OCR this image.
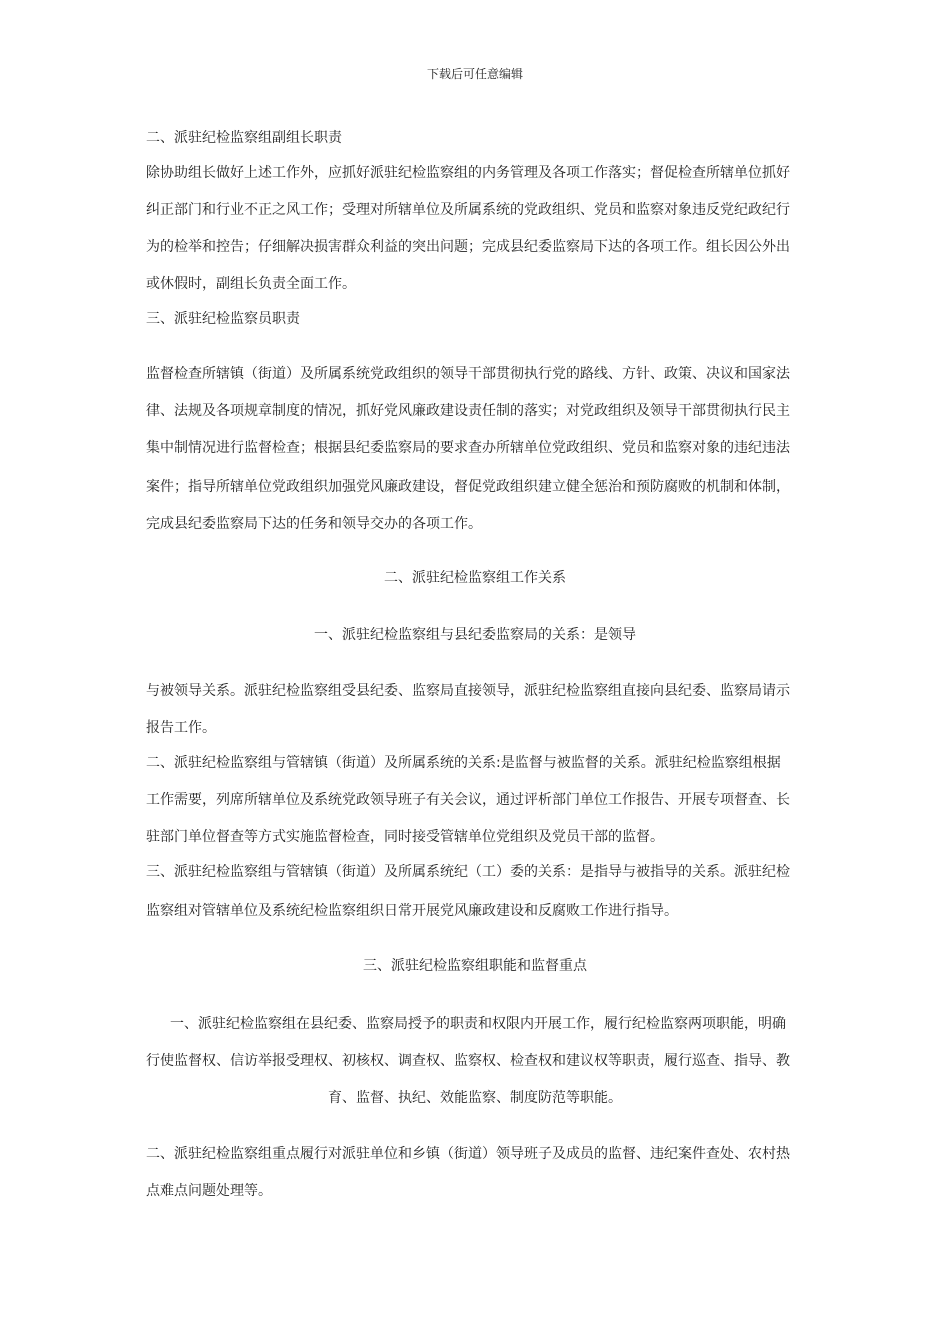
下载后可任意编辑
二、派驻纪检监察组副组长职责
除协助组长做好上述工作外，应抓好派驻纪检监察组的内务管理及各项工作落实；督促检查所辖单位抓好
纠正部门和行业不正之风工作；受理对所辖单位及所属系统的党政组织、党员和监察对象违反党纪政纪行
为的检举和控告；仔细解决损害群众利益的突出问题；完成县纪委监察局下达的各项工作。组长因公外出
或休假时，副组长负责全面工作。
三、派驻纪检监察员职责
监督检查所辖镇（街道）及所属系统党政组织的领导干部贯彻执行党的路线、方针、政策、决议和国家法
律、法规及各项规章制度的情况，抓好党风廉政建设责任制的落实；对党政组织及领导干部贯彻执行民主
集中制情况进行监督检查；根据县纪委监察局的要求查办所辖单位党政组织、党员和监察对象的违纪违法
案件；指导所辖单位党政组织加强党风廉政建设，督促党政组织建立健全惩治和预防腐败的机制和体制，
完成县纪委监察局下达的任务和领导交办的各项工作。
二、派驻纪检监察组工作关系
一、派驻纪检监察组与县纪委监察局的关系：是领导
与被领导关系。派驻纪检监察组受县纪委、监察局直接领导，派驻纪检监察组直接向县纪委、监察局请示
报告工作。
二、派驻纪检监察组与管辖镇（街道）及所属系统的关系:是监督与被监督的关系。派驻纪检监察组根据
工作需要，列席所辖单位及系统党政领导班子有关会议，通过评析部门单位工作报告、开展专项督查、长
驻部门单位督查等方式实施监督检查，同时接受管辖单位党组织及党员干部的监督。
三、派驻纪检监察组与管辖镇（街道）及所属系统纪（工）委的关系：是指导与被指导的关系。派驻纪检
监察组对管辖单位及系统纪检监察组织日常开展党风廉政建设和反腐败工作进行指导。
三、派驻纪检监察组职能和监督重点
一、派驻纪检监察组在县纪委、监察局授予的职责和权限内开展工作，履行纪检监察两项职能，明确
行使监督权、信访举报受理权、初核权、调查权、监察权、检查权和建议权等职责，履行巡查、指导、教
育、监督、执纪、效能监察、制度防范等职能。
二、派驻纪检监察组重点履行对派驻单位和乡镇（街道）领导班子及成员的监督、违纪案件查处、农村热
点难点问题处理等。
